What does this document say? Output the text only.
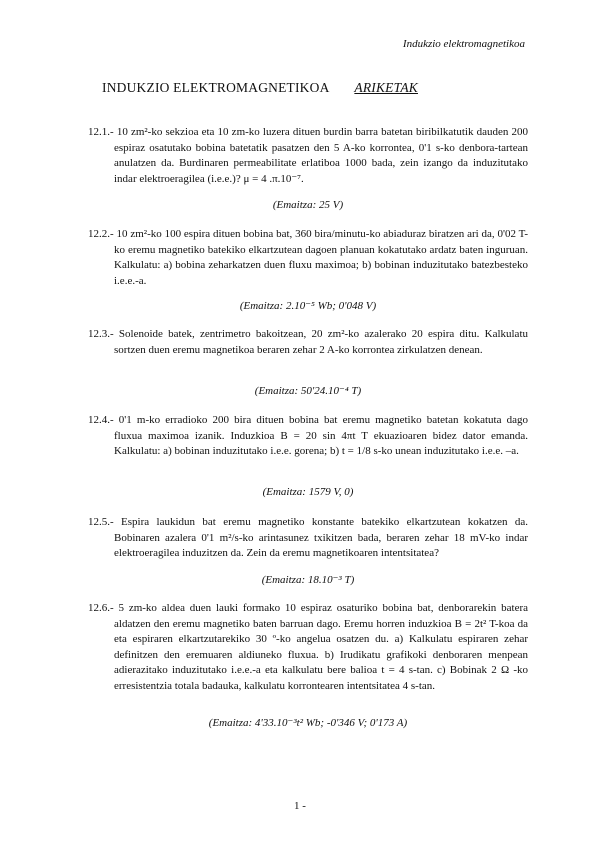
Indukzio elektromagnetikoa
INDUKZIO ELEKTROMAGNETIKOA ARIKETAK
12.1.- 10 zm²-ko sekzioa eta 10 zm-ko luzera dituen burdin barra batetan biribilkatutik dauden 200 espiraz osatutako bobina batetatik pasatzen den 5 A-ko korrontea, 0'1 s-ko denbora-tartean anulatzen da. Burdinaren permeabilitate erlatiboa 1000 bada, zein izango da induzitutako indar elektroeragilea (i.e.e.)? μ = 4 .π.10⁻⁷.
(Emaitza: 25 V)
12.2.- 10 zm²-ko 100 espira dituen bobina bat, 360 bira/minutu-ko abiaduraz biratzen ari da, 0'02 T-ko eremu magnetiko batekiko elkartzutean dagoen planuan kokatutako ardatz baten inguruan. Kalkulatu: a) bobina zeharkatzen duen fluxu maximoa; b) bobinan induzitutako batezbesteko i.e.e.-a.
(Emaitza: 2.10⁻⁵ Wb; 0'048 V)
12.3.- Solenoide batek, zentrimetro bakoitzean, 20 zm²-ko azalerako 20 espira ditu. Kalkulatu sortzen duen eremu magnetikoa beraren zehar 2 A-ko korrontea zirkulatzen denean.
(Emaitza: 50'24.10⁻⁴ T)
12.4.- 0'1 m-ko erradioko 200 bira dituen bobina bat eremu magnetiko batetan kokatuta dago fluxua maximoa izanik. Induzkioa B = 20 sin 4πt T ekuazioaren bidez dator emanda. Kalkulatu: a) bobinan induzitutako i.e.e. gorena; b) t = 1/8 s-ko unean induzitutako i.e.e. –a.
(Emaitza: 1579 V, 0)
12.5.- Espira laukidun bat eremu magnetiko konstante batekiko elkartzutean kokatzen da. Bobinaren azalera 0'1 m²/s-ko arintasunez txikitzen bada, beraren zehar 18 mV-ko indar elektroeragilea induzitzen da. Zein da eremu magnetikoaren intentsitatea?
(Emaitza: 18.10⁻³ T)
12.6.- 5 zm-ko aldea duen lauki formako 10 espiraz osaturiko bobina bat, denborarekin batera aldatzen den eremu magnetiko baten barruan dago. Eremu horren induzkioa B = 2t² T-koa da eta espiraren elkartzutarekiko 30 º-ko angelua osatzen du. a) Kalkulatu espiraren zehar definitzen den eremuaren aldiuneko fluxua. b) Irudikatu grafikoki denboraren menpean adierazitako induzitutako i.e.e.-a eta kalkulatu bere balioa t = 4 s-tan. c) Bobinak 2 Ω -ko erresistentzia totala badauka, kalkulatu korrontearen intentsitatea 4 s-tan.
(Emaitza: 4'33.10⁻³t² Wb; -0'346 V; 0'173 A)
1 -
